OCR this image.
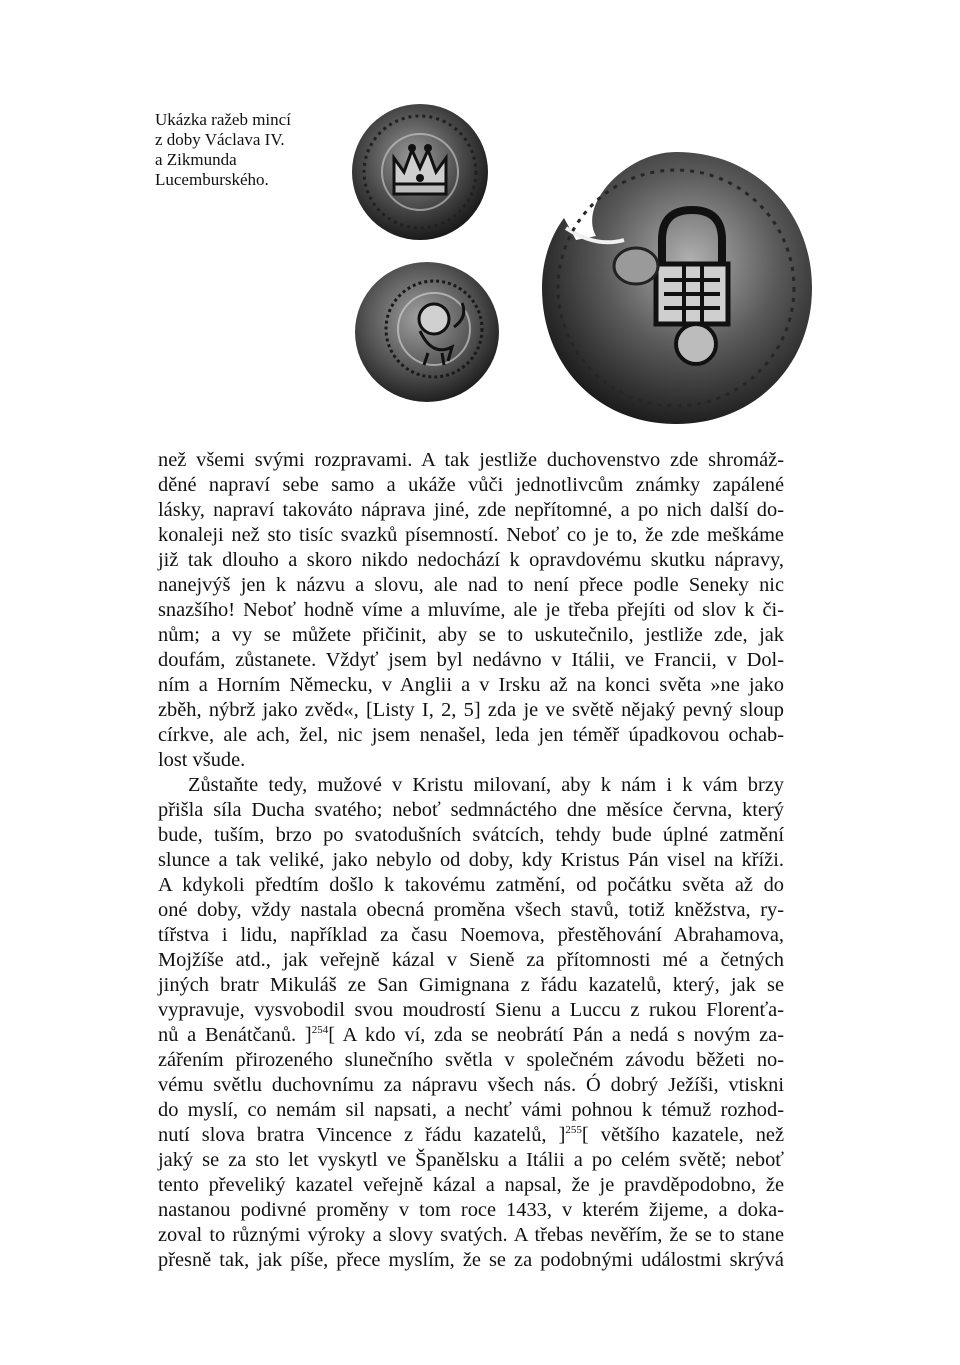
Ukázka ražeb mincí
z doby Václava IV.
a Zikmunda
Lucemburského.
než všemi svými rozpravami. A tak jestliže duchovenstvo zde shromáž-
děné napraví sebe samo a ukáže vůči jednotlivcům známky zapálené
lásky, napraví takováto náprava jiné, zde nepřítomné, a po nich další do-
konaleji než sto tisíc svazků písemností. Neboť co je to, že zde meškáme
již tak dlouho a skoro nikdo nedochází k opravdovému skutku nápravy,
nanejvýš jen k názvu a slovu, ale nad to není přece podle Seneky nic
snazšího! Neboť hodně víme a mluvíme, ale je třeba přejíti od slov k či-
nům; a vy se můžete přičinit, aby se to uskutečnilo, jestliže zde, jak
doufám, zůstanete. Vždyť jsem byl nedávno v Itálii, ve Francii, v Dol-
ním a Horním Německu, v Anglii a v Irsku až na konci světa »ne jako
zběh, nýbrž jako zvěd«, [Listy I, 2, 5] zda je ve světě nějaký pevný sloup
církve, ale ach, žel, nic jsem nenašel, leda jen téměř úpadkovou ochab-
lost všude.
Zůstaňte tedy, mužové v Kristu milovaní, aby k nám i k vám brzy
přišla síla Ducha svatého; neboť sedmnáctého dne měsíce června, který
bude, tuším, brzo po svatodušních svátcích, tehdy bude úplné zatmění
slunce a tak veliké, jako nebylo od doby, kdy Kristus Pán visel na kříži.
A kdykoli předtím došlo k takovému zatmění, od počátku světa až do
oné doby, vždy nastala obecná proměna všech stavů, totiž kněžstva, ry-
tířstva i lidu, například za času Noemova, přestěhování Abrahamova,
Mojžíše atd., jak veřejně kázal v Sieně za přítomnosti mé a četných
jiných bratr Mikuláš ze San Gimignana z řádu kazatelů, který, jak se
vypravuje, vysvobodil svou moudrostí Sienu a Luccu z rukou Florenťa-
nů a Benátčanů. ]$^{254}$[ A kdo ví, zda se neobrátí Pán a nedá s novým za-
zářením přirozeného slunečního světla v společném závodu běžeti no-
vému světlu duchovnímu za nápravu všech nás. Ó dobrý Ježíši, vtiskni
do myslí, co nemám sil napsati, a nechť vámi pohnou k témuž rozhod-
nutí slova bratra Vincence z řádu kazatelů, ]$^{255}$[ většího kazatele, než
jaký se za sto let vyskytl ve Španělsku a Itálii a po celém světě; neboť
tento převeliký kazatel veřejně kázal a napsal, že je pravděpodobno, že
nastanou podivné proměny v tom roce 1433, v kterém žijeme, a doka-
zoval to různými výroky a slovy svatých. A třebas nevěřím, že se to stane
přesně tak, jak píše, přece myslím, že se za podobnými událostmi skrývá
